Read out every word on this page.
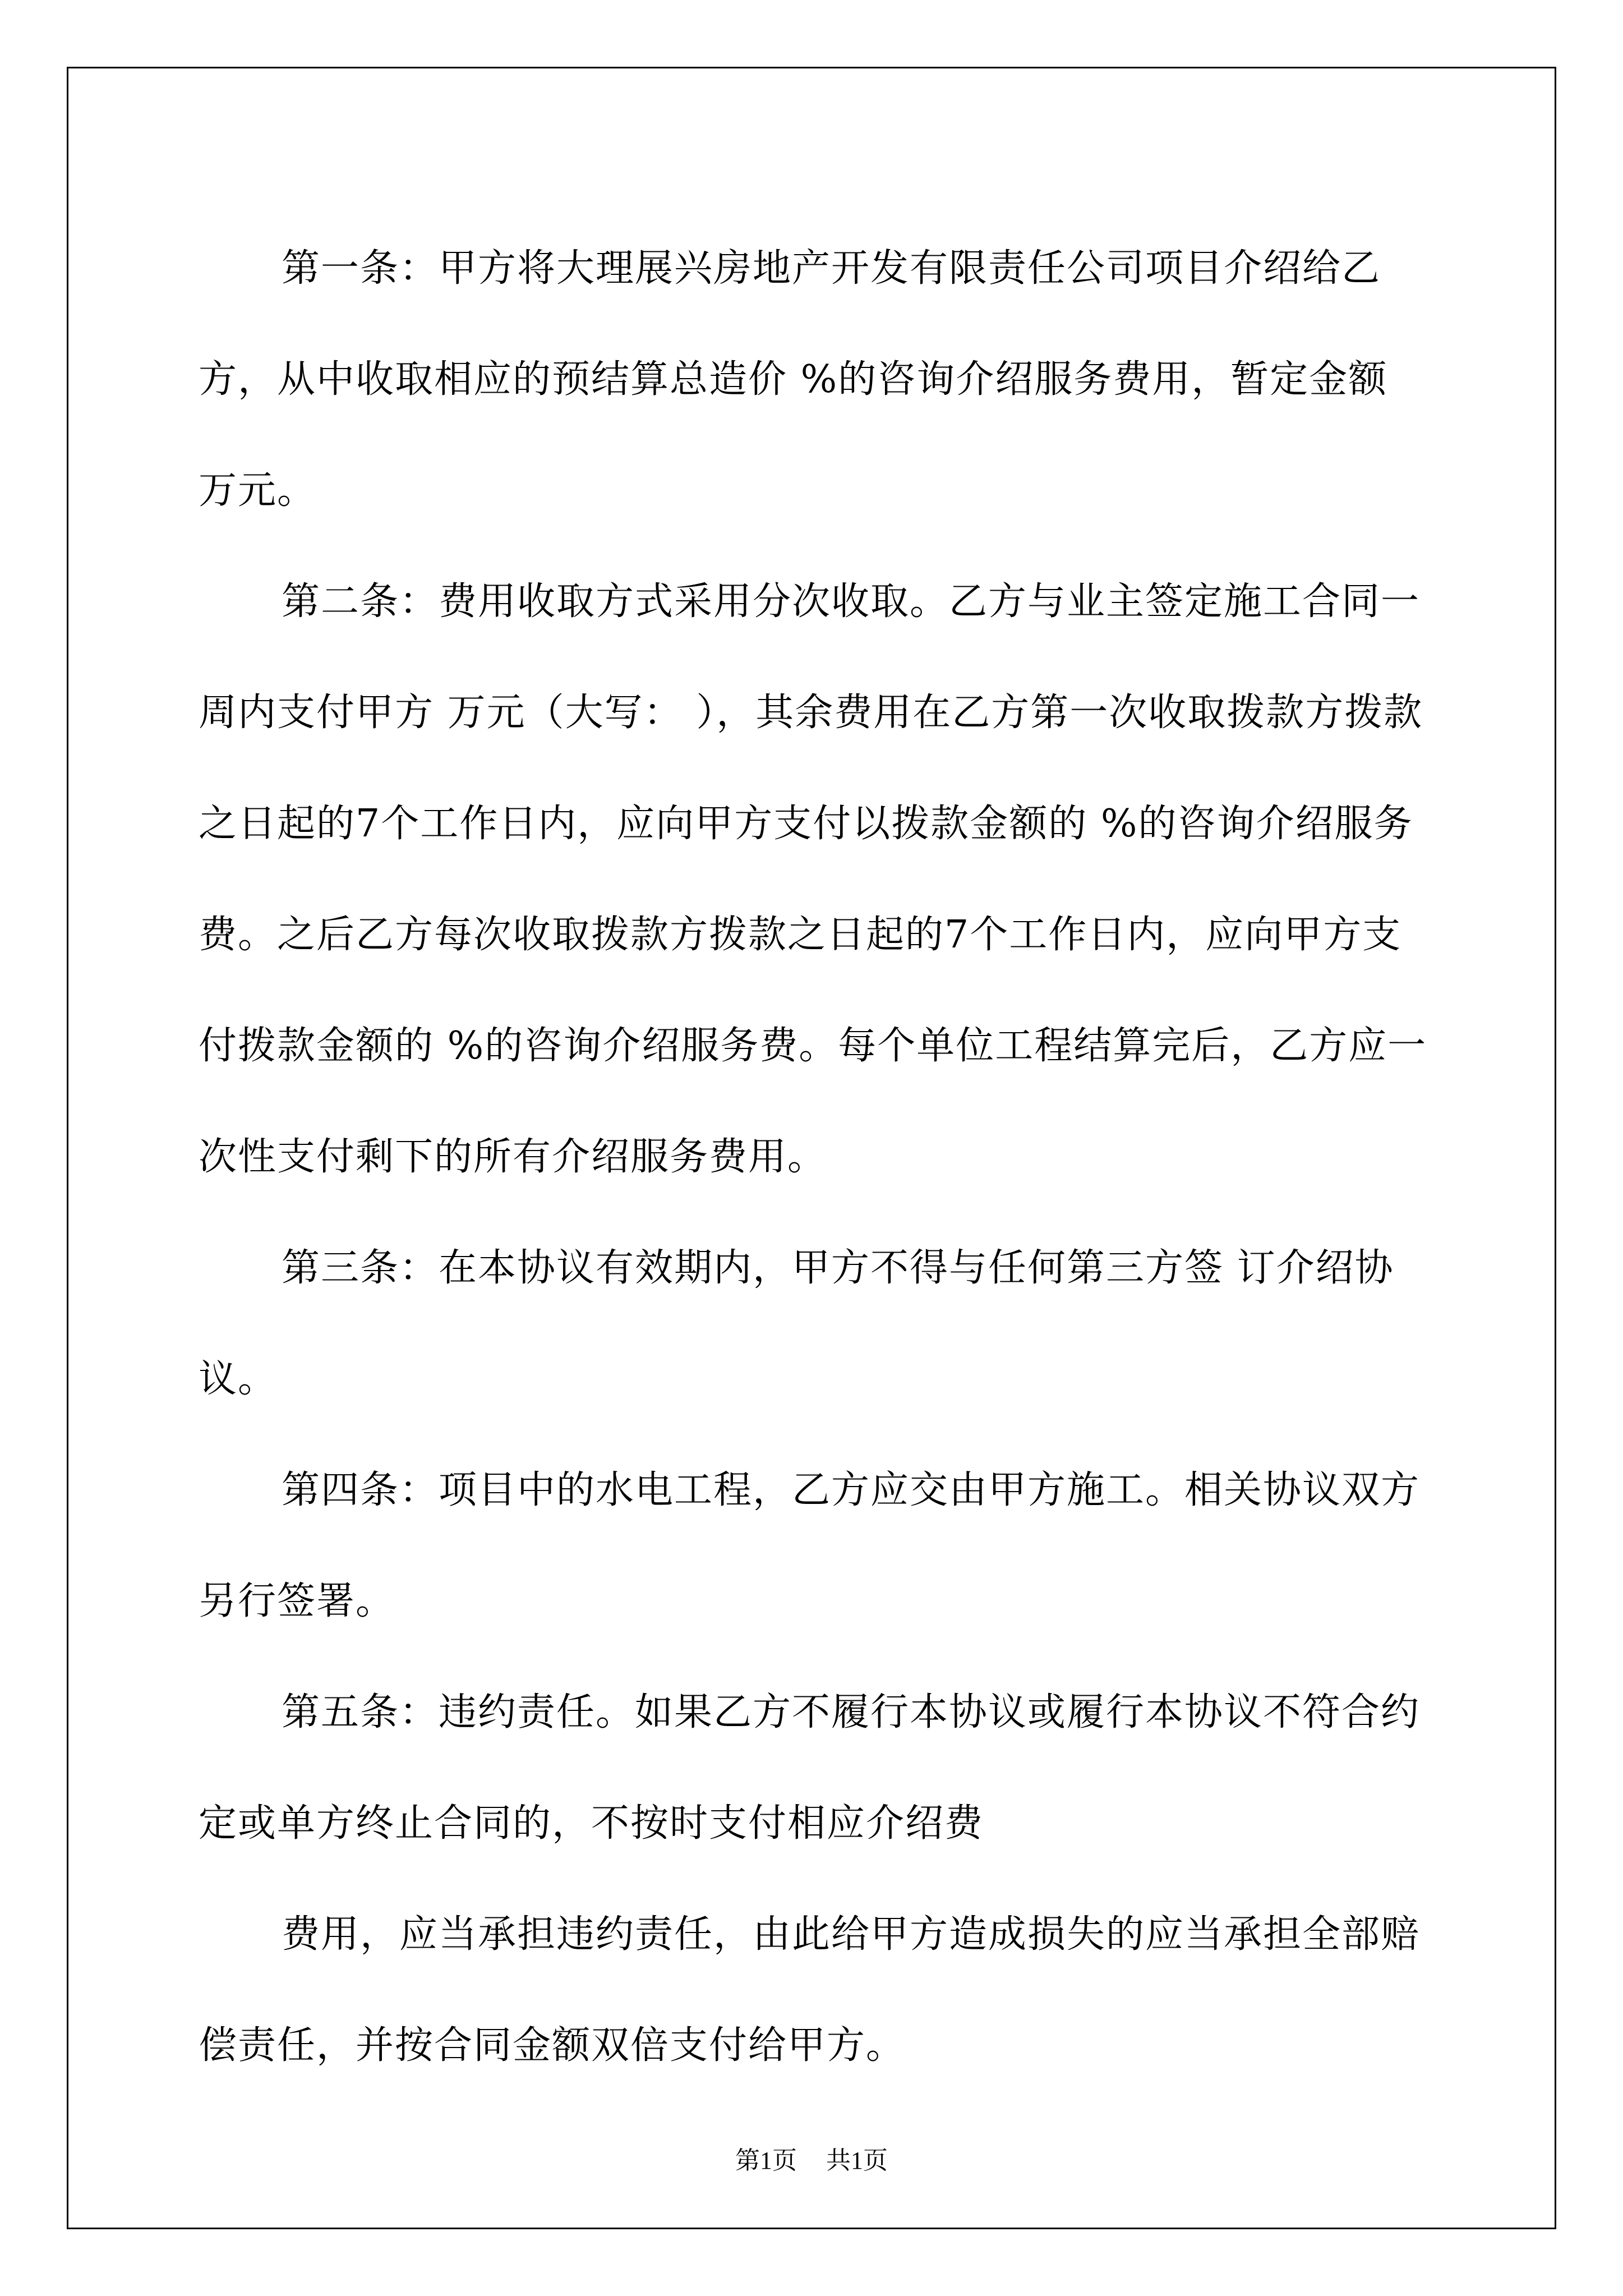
第一条：甲方将大理展兴房地产开发有限责任公司项目介绍给乙方，从中收取相应的预结算总造价 %的咨询介绍服务费用，暂定金额 万元。

第二条：费用收取方式采用分次收取。乙方与业主签定施工合同一周内支付甲方 万元（大写： ），其余费用在乙方第一次收取拨款方拨款之日起的7个工作日内，应向甲方支付以拨款金额的 %的咨询介绍服务费。之后乙方每次收取拨款方拨款之日起的7个工作日内，应向甲方支付拨款金额的 %的咨询介绍服务费。每个单位工程结算完后，乙方应一次性支付剩下的所有介绍服务费用。

第三条：在本协议有效期内，甲方不得与任何第三方签 订介绍协议。

第四条：项目中的水电工程，乙方应交由甲方施工。相关协议双方另行签署。

第五条：违约责任。如果乙方不履行本协议或履行本协议不符合约定或单方终止合同的，不按时支付相应介绍费

费用，应当承担违约责任，由此给甲方造成损失的应当承担全部赔偿责任，并按合同金额双倍支付给甲方。

第1页 共1页
